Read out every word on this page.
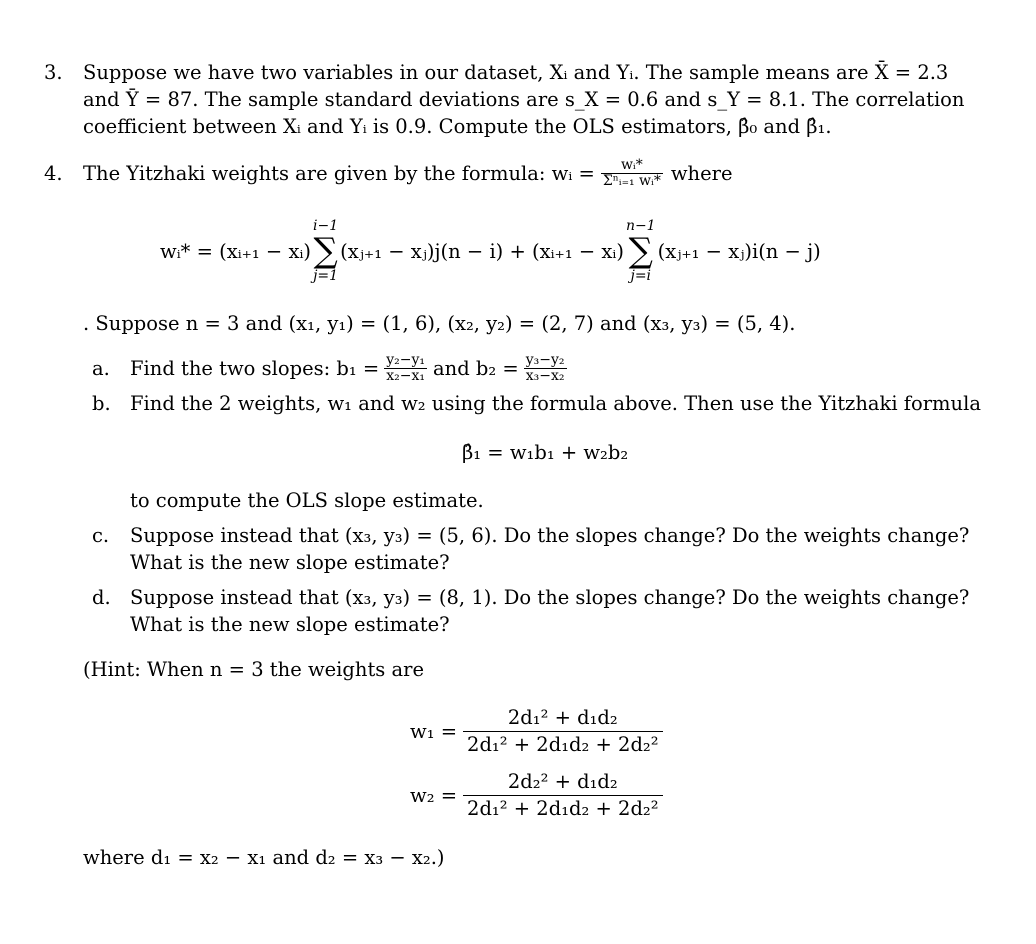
3. Suppose we have two variables in our dataset, Xᵢ and Yᵢ. The sample means are X̄ = 2.3
and Ȳ = 87. The sample standard deviations are s_X = 0.6 and s_Y = 8.1. The correlation
coefficient between Xᵢ and Yᵢ is 0.9. Compute the OLS estimators, β̂₀ and β̂₁.
4. The Yitzhaki weights are given by the formula: wᵢ = $\frac{\text{wᵢ*}}{\text{Σⁿᵢ₌₁ wᵢ*}}$ where
wᵢ* = (xᵢ₊₁ − xᵢ)
i−1
∑
j=1
(xⱼ₊₁ − xⱼ)j(n − i) + (xᵢ₊₁ − xᵢ)
n−1
∑
j=i
(xⱼ₊₁ − xⱼ)i(n − j)
. Suppose n = 3 and (x₁, y₁) = (1, 6), (x₂, y₂) = (2, 7) and (x₃, y₃) = (5, 4).
a. Find the two slopes: $b_1 = \frac{\text{y₂−y₁}}{\text{x₂−x₁}}$ and $b_2 = \frac{\text{y₃−y₂}}{\text{x₃−x₂}}$
b. Find the 2 weights, w₁ and w₂ using the formula above. Then use the Yitzhaki formula
β̂₁ = w₁b₁ + w₂b₂
to compute the OLS slope estimate.
c. Suppose instead that (x₃, y₃) = (5, 6). Do the slopes change? Do the weights change?
What is the new slope estimate?
d. Suppose instead that (x₃, y₃) = (8, 1). Do the slopes change? Do the weights change?
What is the new slope estimate?
(Hint: When n = 3 the weights are
$w_1 = \frac{\text{2d₁² + d₁d₂}}{\text{2d₁² + 2d₁d₂ + 2d₂²}}$
$w_2 = \frac{\text{2d₂² + d₁d₂}}{\text{2d₁² + 2d₁d₂ + 2d₂²}}$
where d₁ = x₂ − x₁ and d₂ = x₃ − x₂.)
